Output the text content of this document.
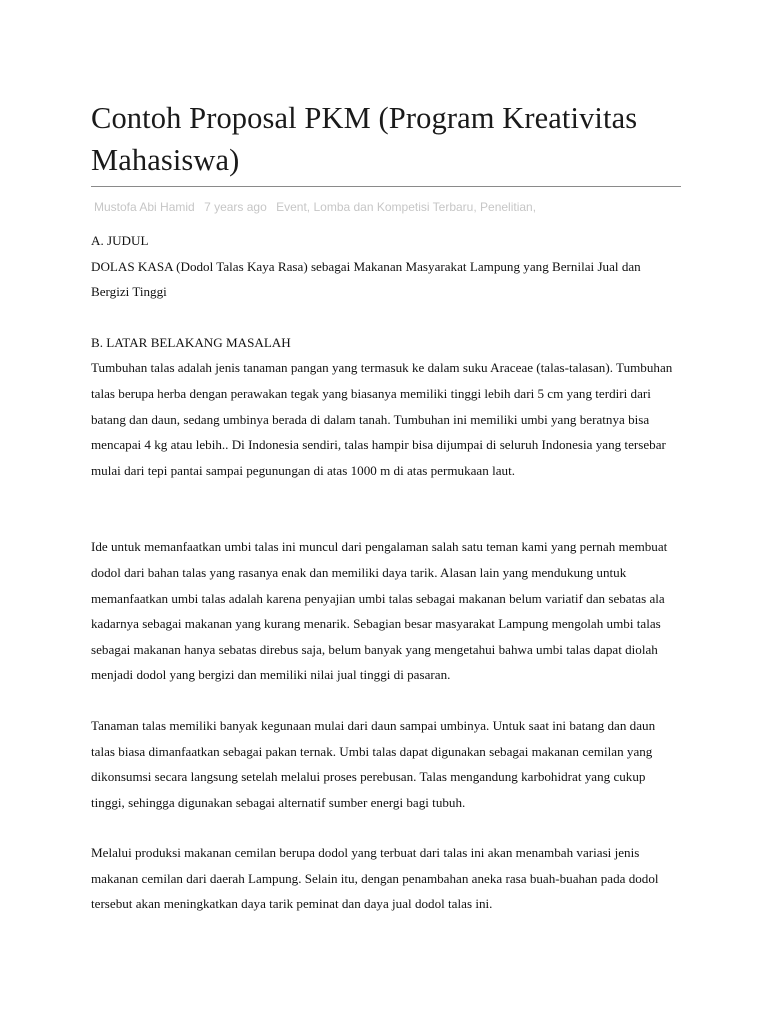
Contoh Proposal PKM (Program Kreativitas Mahasiswa)
Mustofa Abi Hamid 7 years ago Event, Lomba dan Kompetisi Terbaru, Penelitian,

A. JUDUL

DOLAS KASA (Dodol Talas Kaya Rasa) sebagai Makanan Masyarakat Lampung yang Bernilai Jual dan Bergizi Tinggi

B. LATAR BELAKANG MASALAH

Tumbuhan talas adalah jenis tanaman pangan yang termasuk ke dalam suku Araceae (talas-talasan). Tumbuhan talas berupa herba dengan perawakan tegak yang biasanya memiliki tinggi lebih dari 5 cm yang terdiri dari batang dan daun, sedang umbinya berada di dalam tanah. Tumbuhan ini memiliki umbi yang beratnya bisa mencapai 4 kg atau lebih.. Di Indonesia sendiri, talas hampir bisa dijumpai di seluruh Indonesia yang tersebar mulai dari tepi pantai sampai pegunungan di atas 1000 m di atas permukaan laut.

Ide untuk memanfaatkan umbi talas ini muncul dari pengalaman salah satu teman kami yang pernah membuat dodol dari bahan talas yang rasanya enak dan memiliki daya tarik. Alasan lain yang mendukung untuk memanfaatkan umbi talas adalah karena penyajian umbi talas sebagai makanan belum variatif dan sebatas ala kadarnya sebagai makanan yang kurang menarik. Sebagian besar masyarakat Lampung mengolah umbi talas sebagai makanan hanya sebatas direbus saja, belum banyak yang mengetahui bahwa umbi talas dapat diolah menjadi dodol yang bergizi dan memiliki nilai jual tinggi di pasaran.

Tanaman talas memiliki banyak kegunaan mulai dari daun sampai umbinya. Untuk saat ini batang dan daun talas biasa dimanfaatkan sebagai pakan ternak. Umbi talas dapat digunakan sebagai makanan cemilan yang dikonsumsi secara langsung setelah melalui proses perebusan. Talas mengandung karbohidrat yang cukup tinggi, sehingga digunakan sebagai alternatif sumber energi bagi tubuh.

Melalui produksi makanan cemilan berupa dodol yang terbuat dari talas ini akan menambah variasi jenis makanan cemilan dari daerah Lampung. Selain itu, dengan penambahan aneka rasa buah-buahan pada dodol tersebut akan meningkatkan daya tarik peminat dan daya jual dodol talas ini.
